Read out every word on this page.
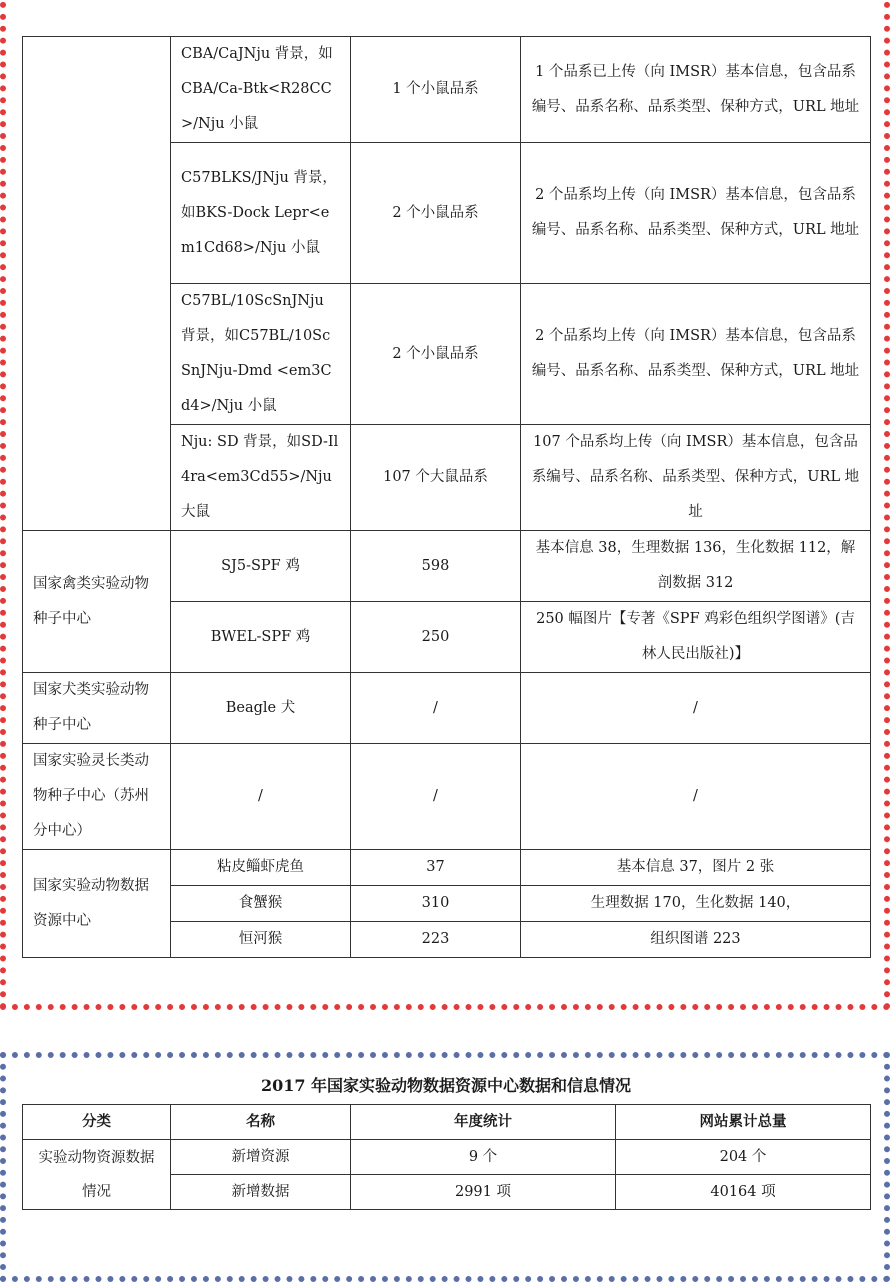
	CBA/CaJNju 背景，如CBA/Ca-Btk<R28CC>/Nju 小鼠	1 个小鼠品系	1 个品系已上传（向 IMSR）基本信息，包含品系编号、品系名称、品系类型、保种方式，URL 地址
	C57BLKS/JNju 背景，如BKS-Dock Lepr<em1Cd68>/Nju 小鼠	2 个小鼠品系	2 个品系均上传（向 IMSR）基本信息，包含品系编号、品系名称、品系类型、保种方式，URL 地址
	C57BL/10ScSnJNju 背景，如C57BL/10ScSnJNju-Dmd <em3Cd4>/Nju 小鼠	2 个小鼠品系	2 个品系均上传（向 IMSR）基本信息，包含品系编号、品系名称、品系类型、保种方式，URL 地址
	Nju: SD 背景，如SD-Il4ra<em3Cd55>/Nju 大鼠	107 个大鼠品系	107 个品系均上传（向 IMSR）基本信息，包含品系编号、品系名称、品系类型、保种方式，URL 地址
国家禽类实验动物种子中心	SJ5-SPF 鸡	598	基本信息 38，生理数据 136，生化数据 112，解剖数据 312
	BWEL-SPF 鸡	250	250 幅图片【专著《SPF 鸡彩色组织学图谱》(吉林人民出版社)】
国家犬类实验动物种子中心	Beagle 犬	/	/
国家实验灵长类动物种子中心（苏州分中心）	/	/	/
国家实验动物数据资源中心	粘皮鲻虾虎鱼	37	基本信息 37，图片 2 张
	食蟹猴	310	生理数据 170，生化数据 140，
	恒河猴	223	组织图谱 223
2017 年国家实验动物数据资源中心数据和信息情况
分类	名称	年度统计	网站累计总量
实验动物资源数据情况	新增资源	9 个	204 个
	新增数据	2991 项	40164 项
